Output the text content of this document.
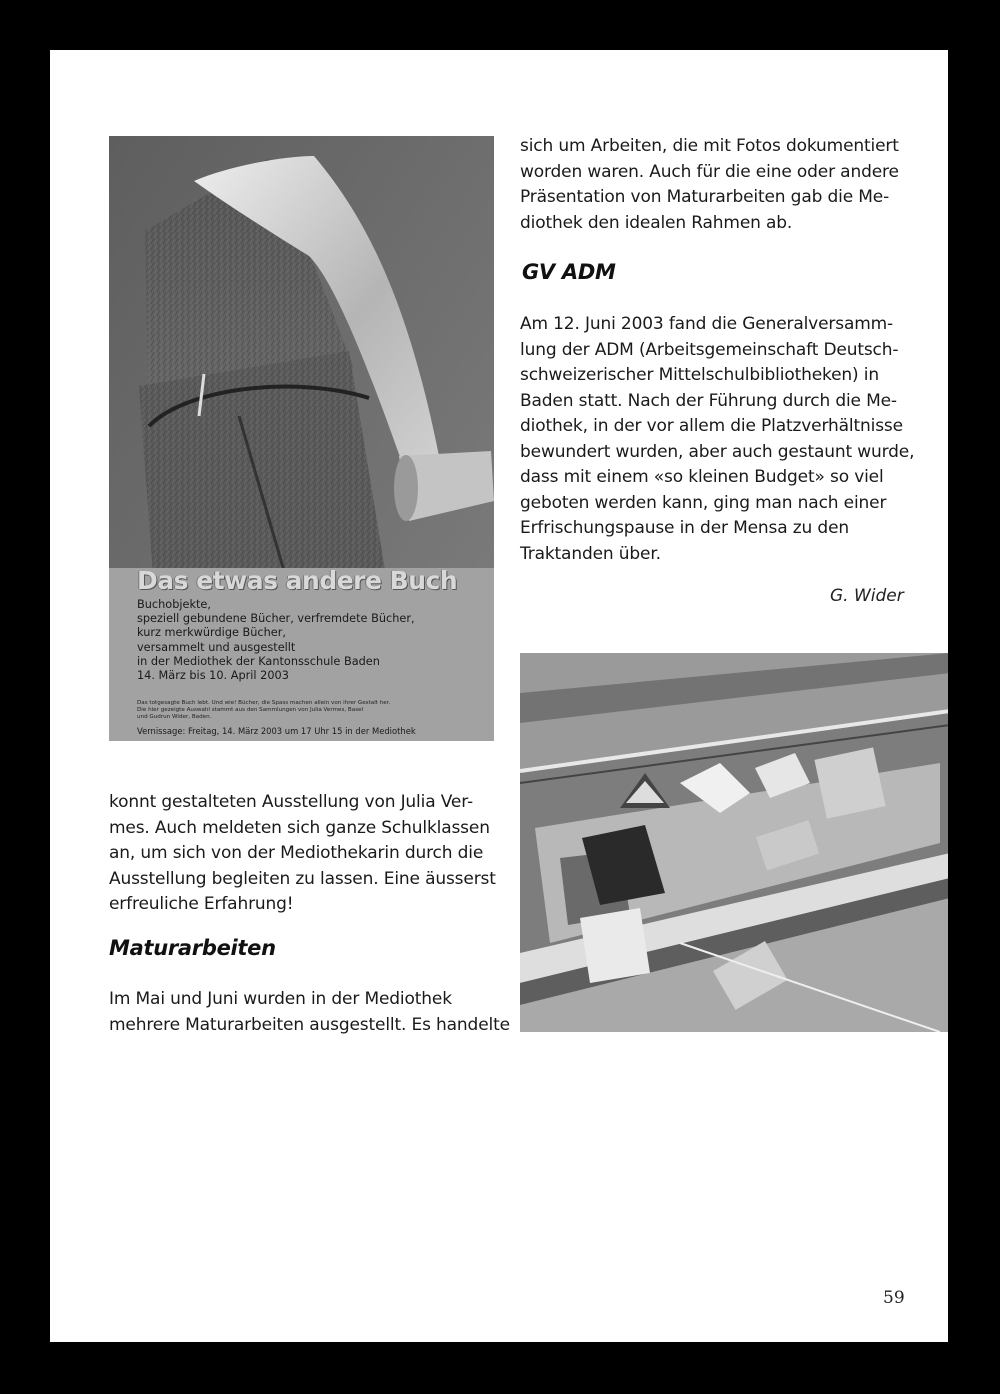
Das etwas andere Buch
Buchobjekte,
speziell gebundene Bücher, verfremdete Bücher,
kurz merkwürdige Bücher,
versammelt und ausgestellt
in der Mediothek der Kantonsschule Baden
14. März bis 10. April 2003
Das totgesagte Buch lebt. Und wie! Bücher, die Spass machen allein von ihrer Gestalt her.
Die hier gezeigte Auswahl stammt aus den Sammlungen von Julia Vermes, Basel
und Gudrun Wider, Baden.
Vernissage: Freitag, 14. März 2003 um 17 Uhr 15 in der Mediothek
sich um Arbeiten, die mit Fotos dokumentiert
worden waren. Auch für die eine oder andere
Präsentation von Maturarbeiten gab die Me-
diothek den idealen Rahmen ab.
GV ADM
Am 12. Juni 2003 fand die Generalversamm-
lung der ADM (Arbeitsgemeinschaft Deutsch-
schweizerischer Mittelschulbibliotheken) in
Baden statt. Nach der Führung durch die Me-
diothek, in der vor allem die Platzverhältnisse
bewundert wurden, aber auch gestaunt wurde,
dass mit einem «so kleinen Budget» so viel
geboten werden kann, ging man nach einer
Erfrischungspause in der Mensa zu den
Traktanden über.
G. Wider
konnt gestalteten Ausstellung von Julia Ver-
mes. Auch meldeten sich ganze Schulklassen
an, um sich von der Mediothekarin durch die
Ausstellung begleiten zu lassen. Eine äusserst
erfreuliche Erfahrung!
Maturarbeiten
Im Mai und Juni wurden in der Mediothek
mehrere Maturarbeiten ausgestellt. Es handelte
59
